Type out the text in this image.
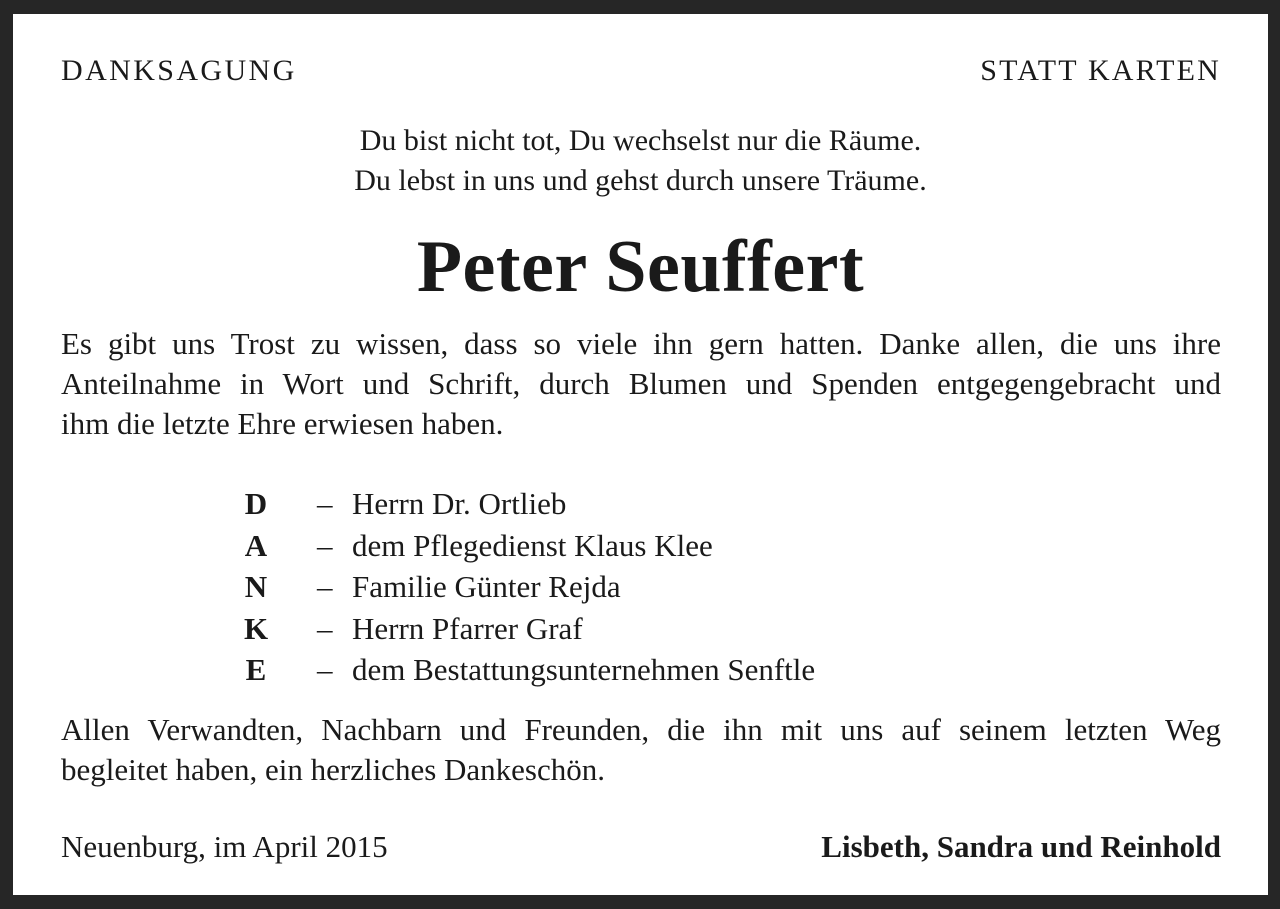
DANKSAGUNG	STATT KARTEN
Du bist nicht tot, Du wechselst nur die Räume.
Du lebst in uns und gehst durch unsere Träume.
Peter Seuffert
Es gibt uns Trost zu wissen, dass so viele ihn gern hatten. Danke allen, die uns ihre
Anteilnahme in Wort und Schrift, durch Blumen und Spenden entgegengebracht und
ihm die letzte Ehre erwiesen haben.
D – Herrn Dr. Ortlieb
A – dem Pflegedienst Klaus Klee
N – Familie Günter Rejda
K – Herrn Pfarrer Graf
E – dem Bestattungsunternehmen Senftle
Allen Verwandten, Nachbarn und Freunden, die ihn mit uns auf seinem letzten Weg
begleitet haben, ein herzliches Dankeschön.
Neuenburg, im April 2015	Lisbeth, Sandra und Reinhold
